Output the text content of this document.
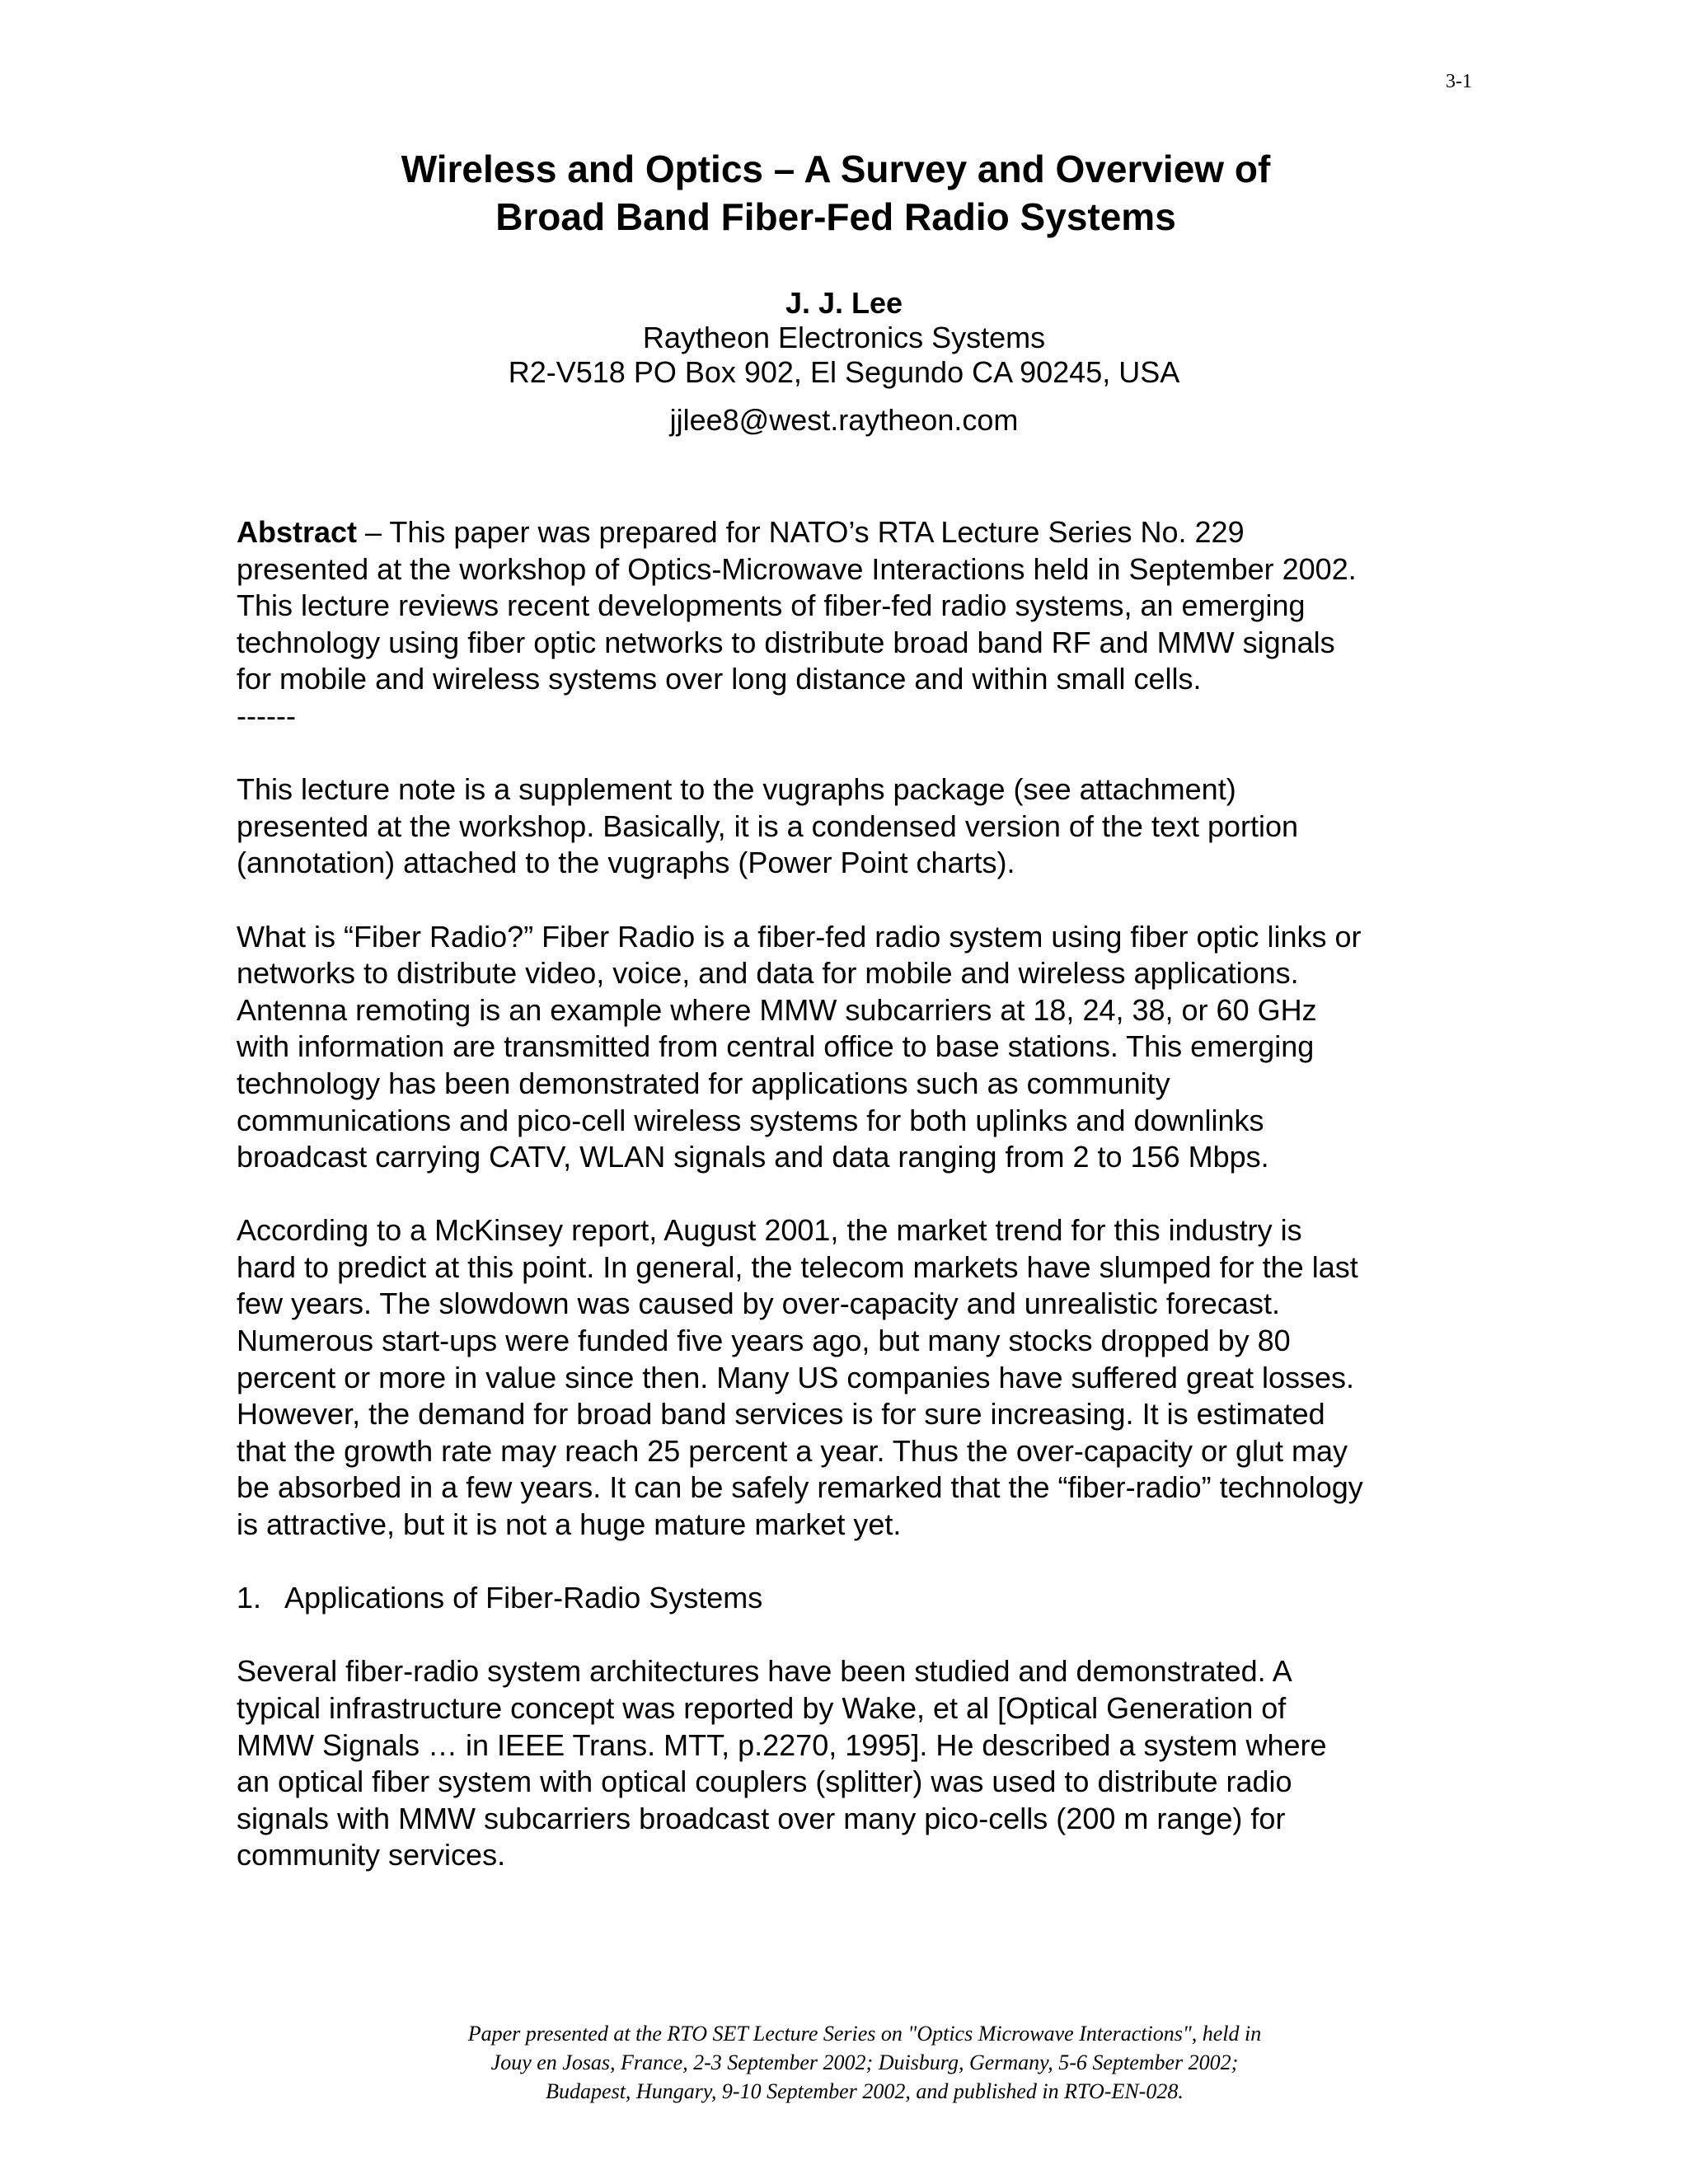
3-1
Wireless and Optics – A Survey and Overview of
Broad Band Fiber-Fed Radio Systems
J. J. Lee
Raytheon Electronics Systems
R2-V518 PO Box 902, El Segundo CA 90245, USA
jjlee8@west.raytheon.com
Abstract – This paper was prepared for NATO’s RTA Lecture Series No. 229
presented at the workshop of Optics-Microwave Interactions held in September 2002.
This lecture reviews recent developments of fiber-fed radio systems, an emerging
technology using fiber optic networks to distribute broad band RF and MMW signals
for mobile and wireless systems over long distance and within small cells.
------
This lecture note is a supplement to the vugraphs package (see attachment)
presented at the workshop. Basically, it is a condensed version of the text portion
(annotation) attached to the vugraphs (Power Point charts).
What is “Fiber Radio?” Fiber Radio is a fiber-fed radio system using fiber optic links or
networks to distribute video, voice, and data for mobile and wireless applications.
Antenna remoting is an example where MMW subcarriers at 18, 24, 38, or 60 GHz
with information are transmitted from central office to base stations. This emerging
technology has been demonstrated for applications such as community
communications and pico-cell wireless systems for both uplinks and downlinks
broadcast carrying CATV, WLAN signals and data ranging from 2 to 156 Mbps.
According to a McKinsey report, August 2001, the market trend for this industry is
hard to predict at this point. In general, the telecom markets have slumped for the last
few years. The slowdown was caused by over-capacity and unrealistic forecast.
Numerous start-ups were funded five years ago, but many stocks dropped by 80
percent or more in value since then. Many US companies have suffered great losses.
However, the demand for broad band services is for sure increasing. It is estimated
that the growth rate may reach 25 percent a year. Thus the over-capacity or glut may
be absorbed in a few years. It can be safely remarked that the “fiber-radio” technology
is attractive, but it is not a huge mature market yet.
1. Applications of Fiber-Radio Systems
Several fiber-radio system architectures have been studied and demonstrated. A
typical infrastructure concept was reported by Wake, et al [Optical Generation of
MMW Signals … in IEEE Trans. MTT, p.2270, 1995]. He described a system where
an optical fiber system with optical couplers (splitter) was used to distribute radio
signals with MMW subcarriers broadcast over many pico-cells (200 m range) for
community services.
Paper presented at the RTO SET Lecture Series on "Optics Microwave Interactions", held in
Jouy en Josas, France, 2-3 September 2002; Duisburg, Germany, 5-6 September 2002;
Budapest, Hungary, 9-10 September 2002, and published in RTO-EN-028.
